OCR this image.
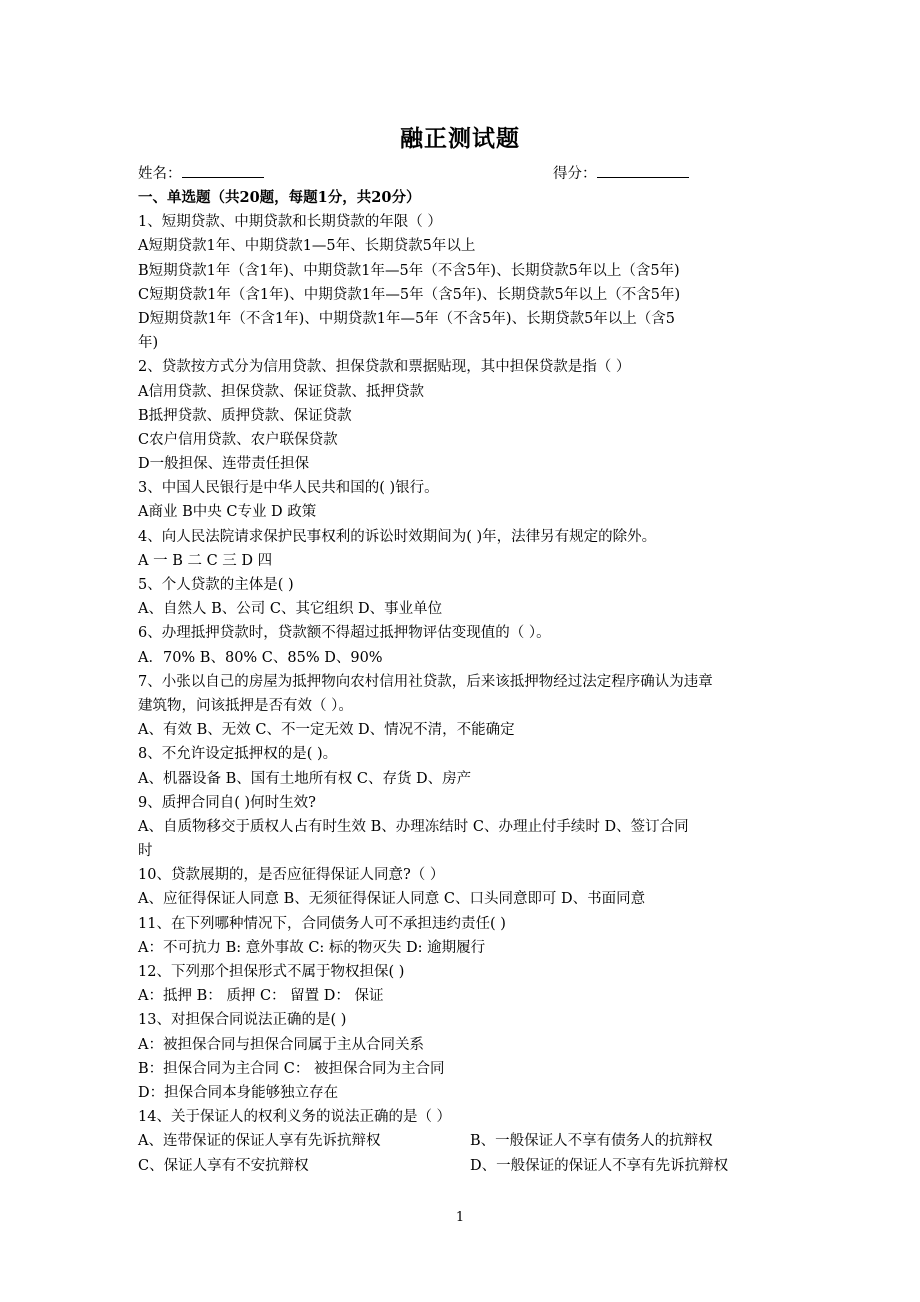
融正测试题
姓名：	得分：
一、单选题（共20题，每题1分，共20分）
1、短期贷款、中期贷款和长期贷款的年限（ ）
A短期贷款1年、中期贷款1—5年、长期贷款5年以上
B短期贷款1年（含1年)、中期贷款1年—5年（不含5年)、长期贷款5年以上（含5年)
C短期贷款1年（含1年)、中期贷款1年—5年（含5年)、长期贷款5年以上（不含5年)
D短期贷款1年（不含1年)、中期贷款1年—5年（不含5年)、长期贷款5年以上（含5
年)
2、贷款按方式分为信用贷款、担保贷款和票据贴现，其中担保贷款是指（ ）
A信用贷款、担保贷款、保证贷款、抵押贷款
B抵押贷款、质押贷款、保证贷款
C农户信用贷款、农户联保贷款
D一般担保、连带责任担保
3、中国人民银行是中华人民共和国的( )银行。
A商业 B中央 C专业 D 政策
4、向人民法院请求保护民事权利的诉讼时效期间为( )年，法律另有规定的除外。
A 一 B 二 C 三 D 四
5、个人贷款的主体是( )
A、自然人 B、公司 C、其它组织 D、事业单位
6、办理抵押贷款时，贷款额不得超过抵押物评估变现值的（ ）。
A．70% B、80% C、85% D、90%
7、小张以自己的房屋为抵押物向农村信用社贷款，后来该抵押物经过法定程序确认为违章
建筑物，问该抵押是否有效（ ）。
A、有效 B、无效 C、不一定无效 D、情况不清，不能确定
8、不允许设定抵押权的是( )。
A、机器设备 B、国有土地所有权 C、存货 D、房产
9、质押合同自( )何时生效?
A、自质物移交于质权人占有时生效 B、办理冻结时 C、办理止付手续时 D、签订合同
时
10、贷款展期的，是否应征得保证人同意?（ ）
A、应征得保证人同意 B、无须征得保证人同意 C、口头同意即可 D、书面同意
11、在下列哪种情况下，合同债务人可不承担违约责任( )
A：不可抗力 B: 意外事故 C: 标的物灭失 D: 逾期履行
12、下列那个担保形式不属于物权担保( )
A：抵押 B： 质押 C： 留置 D： 保证
13、对担保合同说法正确的是( )
A：被担保合同与担保合同属于主从合同关系
B：担保合同为主合同 C： 被担保合同为主合同
D：担保合同本身能够独立存在
14、关于保证人的权利义务的说法正确的是（ ）
A、连带保证的保证人享有先诉抗辩权	B、一般保证人不享有债务人的抗辩权
C、保证人享有不安抗辩权	D、一般保证的保证人不享有先诉抗辩权
1
